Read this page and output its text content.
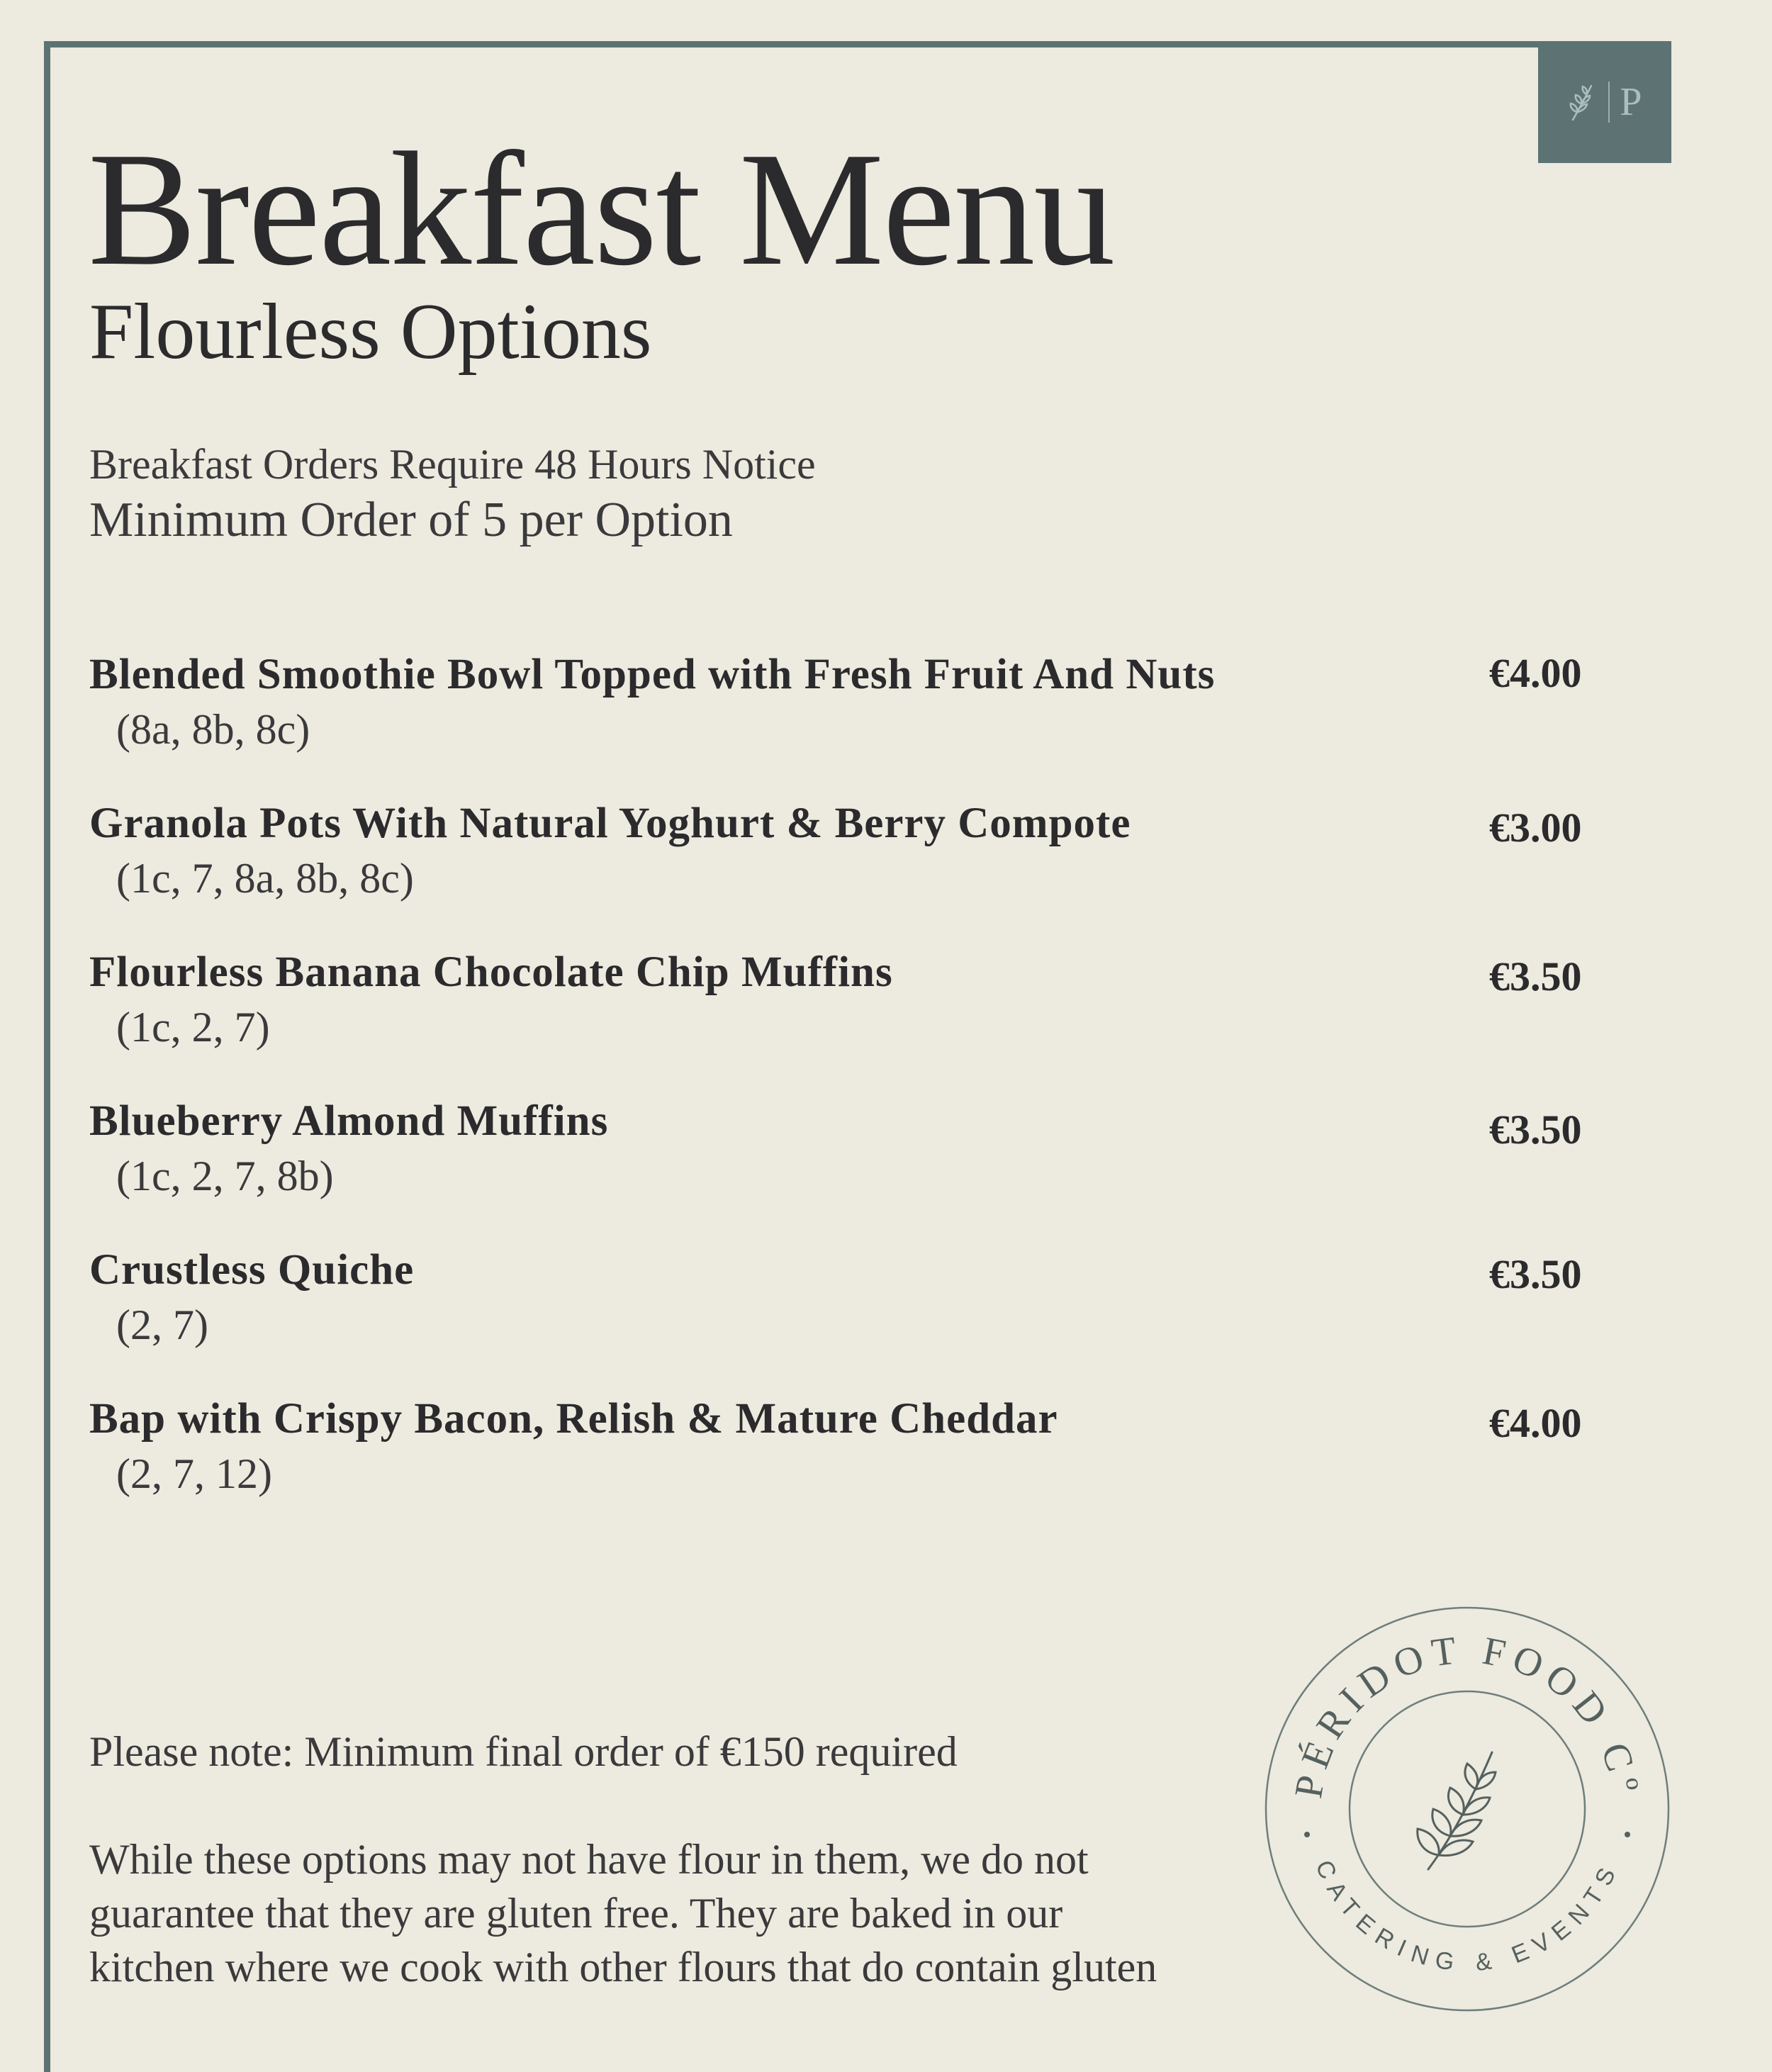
P
Breakfast Menu
Flourless Options
Breakfast Orders Require 48 Hours Notice
Minimum Order of 5 per Option
Blended Smoothie Bowl Topped with Fresh Fruit And Nuts
(8a, 8b, 8c)
€4.00
Granola Pots With Natural Yoghurt & Berry Compote
(1c, 7, 8a, 8b, 8c)
€3.00
Flourless Banana Chocolate Chip Muffins
(1c, 2, 7)
€3.50
Blueberry Almond Muffins
(1c, 2, 7, 8b)
€3.50
Crustless Quiche
(2, 7)
€3.50
Bap with Crispy Bacon, Relish & Mature Cheddar
(2, 7, 12)
€4.00
Please note: Minimum final order of €150 required
While these options may not have flour in them, we do not
guarantee that they are gluten free. They are baked in our
kitchen where we cook with other flours that do contain gluten
PÉRIDOT FOOD Cº
CATERING & EVENTS
